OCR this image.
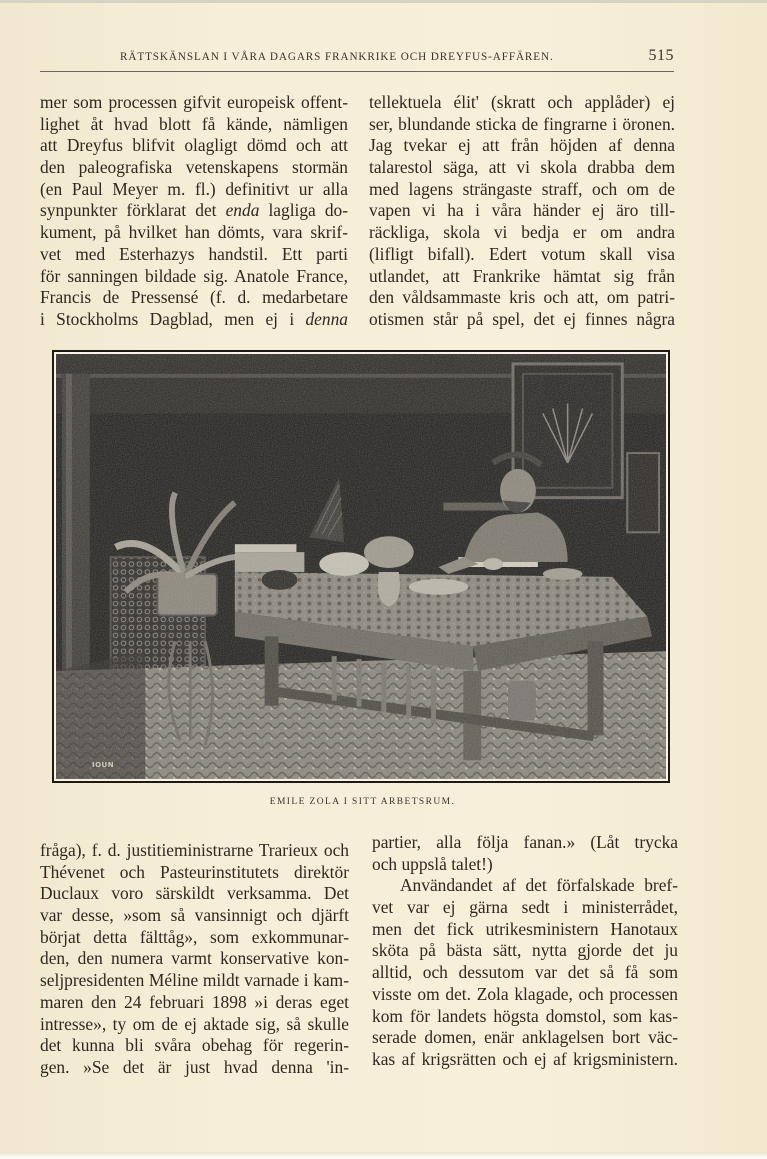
RÄTTSKÄNSLAN I VÅRA DAGARS FRANKRIKE OCH DREYFUS-AFFÄREN.	515
mer som processen gifvit europeisk offent-
lighet åt hvad blott få kände, nämligen
att Dreyfus blifvit olagligt dömd och att
den paleografiska vetenskapens stormän
(en Paul Meyer m. fl.) definitivt ur alla
synpunkter förklarat det enda lagliga do-
kument, på hvilket han dömts, vara skrif-
vet med Esterhazys handstil. Ett parti
för sanningen bildade sig. Anatole France,
Francis de Pressensé (f. d. medarbetare
i Stockholms Dagblad, men ej i denna
tellektuela élit' (skratt och applåder) ej
ser, blundande sticka de fingrarne i öronen.
Jag tvekar ej att från höjden af denna
talarestol säga, att vi skola drabba dem
med lagens strängaste straff, och om de
vapen vi ha i våra händer ej äro till-
räckliga, skola vi bedja er om andra
(lifligt bifall). Edert votum skall visa
utlandet, att Frankrike hämtat sig från
den våldsammaste kris och att, om patri-
otismen står på spel, det ej finnes några
IOUN
EMILE ZOLA I SITT ARBETSRUM.
fråga), f. d. justitieministrarne Trarieux och
Thévenet och Pasteurinstitutets direktör
Duclaux voro särskildt verksamma. Det
var desse, »som så vansinnigt och djärft
börjat detta fälttåg», som exkommunar-
den, den numera varmt konservative kon-
seljpresidenten Méline mildt varnade i kam-
maren den 24 februari 1898 »i deras eget
intresse», ty om de ej aktade sig, så skulle
det kunna bli svåra obehag för regerin-
gen. »Se det är just hvad denna 'in-
partier, alla följa fanan.» (Låt trycka
och uppslå talet!)
Användandet af det förfalskade bref-
vet var ej gärna sedt i ministerrådet,
men det fick utrikesministern Hanotaux
sköta på bästa sätt, nytta gjorde det ju
alltid, och dessutom var det så få som
visste om det. Zola klagade, och processen
kom för landets högsta domstol, som kas-
serade domen, enär anklagelsen bort väc-
kas af krigsrätten och ej af krigsministern.
